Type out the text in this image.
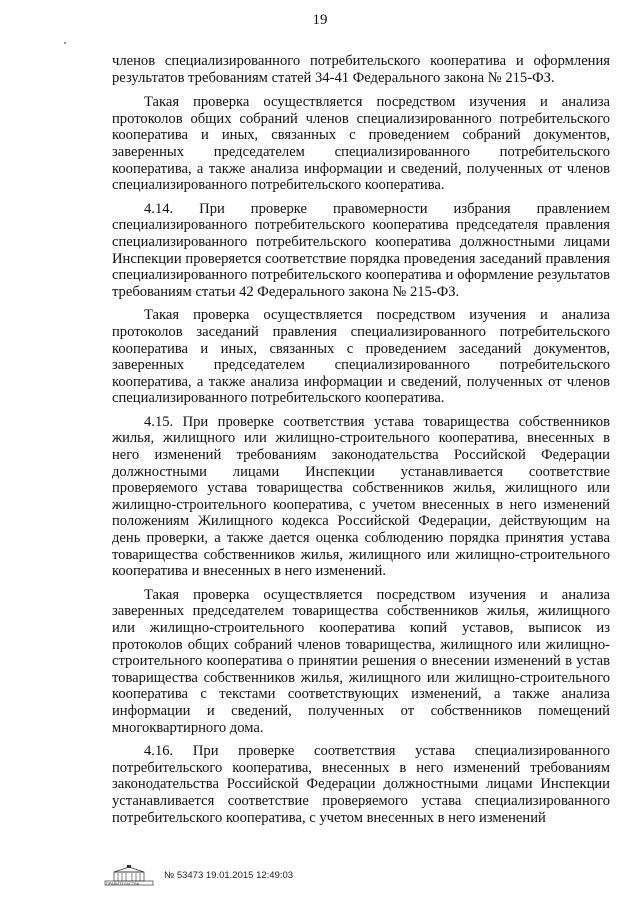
19

членов специализированного потребительского кооператива и оформления результатов требованиям статей 34-41 Федерального закона № 215-ФЗ.

Такая проверка осуществляется посредством изучения и анализа протоколов общих собраний членов специализированного потребительского кооператива и иных, связанных с проведением собраний документов, заверенных председателем специализированного потребительского кооператива, а также анализа информации и сведений, полученных от членов специализированного потребительского кооператива.

4.14. При проверке правомерности избрания правлением специализированного потребительского кооператива председателя правления специализированного потребительского кооператива должностными лицами Инспекции проверяется соответствие порядка проведения заседаний правления специализированного потребительского кооператива и оформление результатов требованиям статьи 42 Федерального закона № 215-ФЗ.

Такая проверка осуществляется посредством изучения и анализа протоколов заседаний правления специализированного потребительского кооператива и иных, связанных с проведением заседаний документов, заверенных председателем специализированного потребительского кооператива, а также анализа информации и сведений, полученных от членов специализированного потребительского кооператива.

4.15. При проверке соответствия устава товарищества собственников жилья, жилищного или жилищно-строительного кооператива, внесенных в него изменений требованиям законодательства Российской Федерации должностными лицами Инспекции устанавливается соответствие проверяемого устава товарищества собственников жилья, жилищного или жилищно-строительного кооператива, с учетом внесенных в него изменений положениям Жилищного кодекса Российской Федерации, действующим на день проверки, а также дается оценка соблюдению порядка принятия устава товарищества собственников жилья, жилищного или жилищно-строительного кооператива и внесенных в него изменений.

Такая проверка осуществляется посредством изучения и анализа заверенных председателем товарищества собственников жилья, жилищного или жилищно-строительного кооператива копий уставов, выписок из протоколов общих собраний членов товарищества, жилищного или жилищно-строительного кооператива о принятии решения о внесении изменений в устав товарищества собственников жилья, жилищного или жилищно-строительного кооператива с текстами соответствующих изменений, а также анализа информации и сведений, полученных от собственников помещений многоквартирного дома.

4.16. При проверке соответствия устава специализированного потребительского кооператива, внесенных в него изменений требованиям законодательства Российской Федерации должностными лицами Инспекции устанавливается соответствие проверяемого устава специализированного потребительского кооператива, с учетом внесенных в него изменений

ПРАВИТЕЛЬСТВА
№ 53473 19.01.2015 12:49:03
